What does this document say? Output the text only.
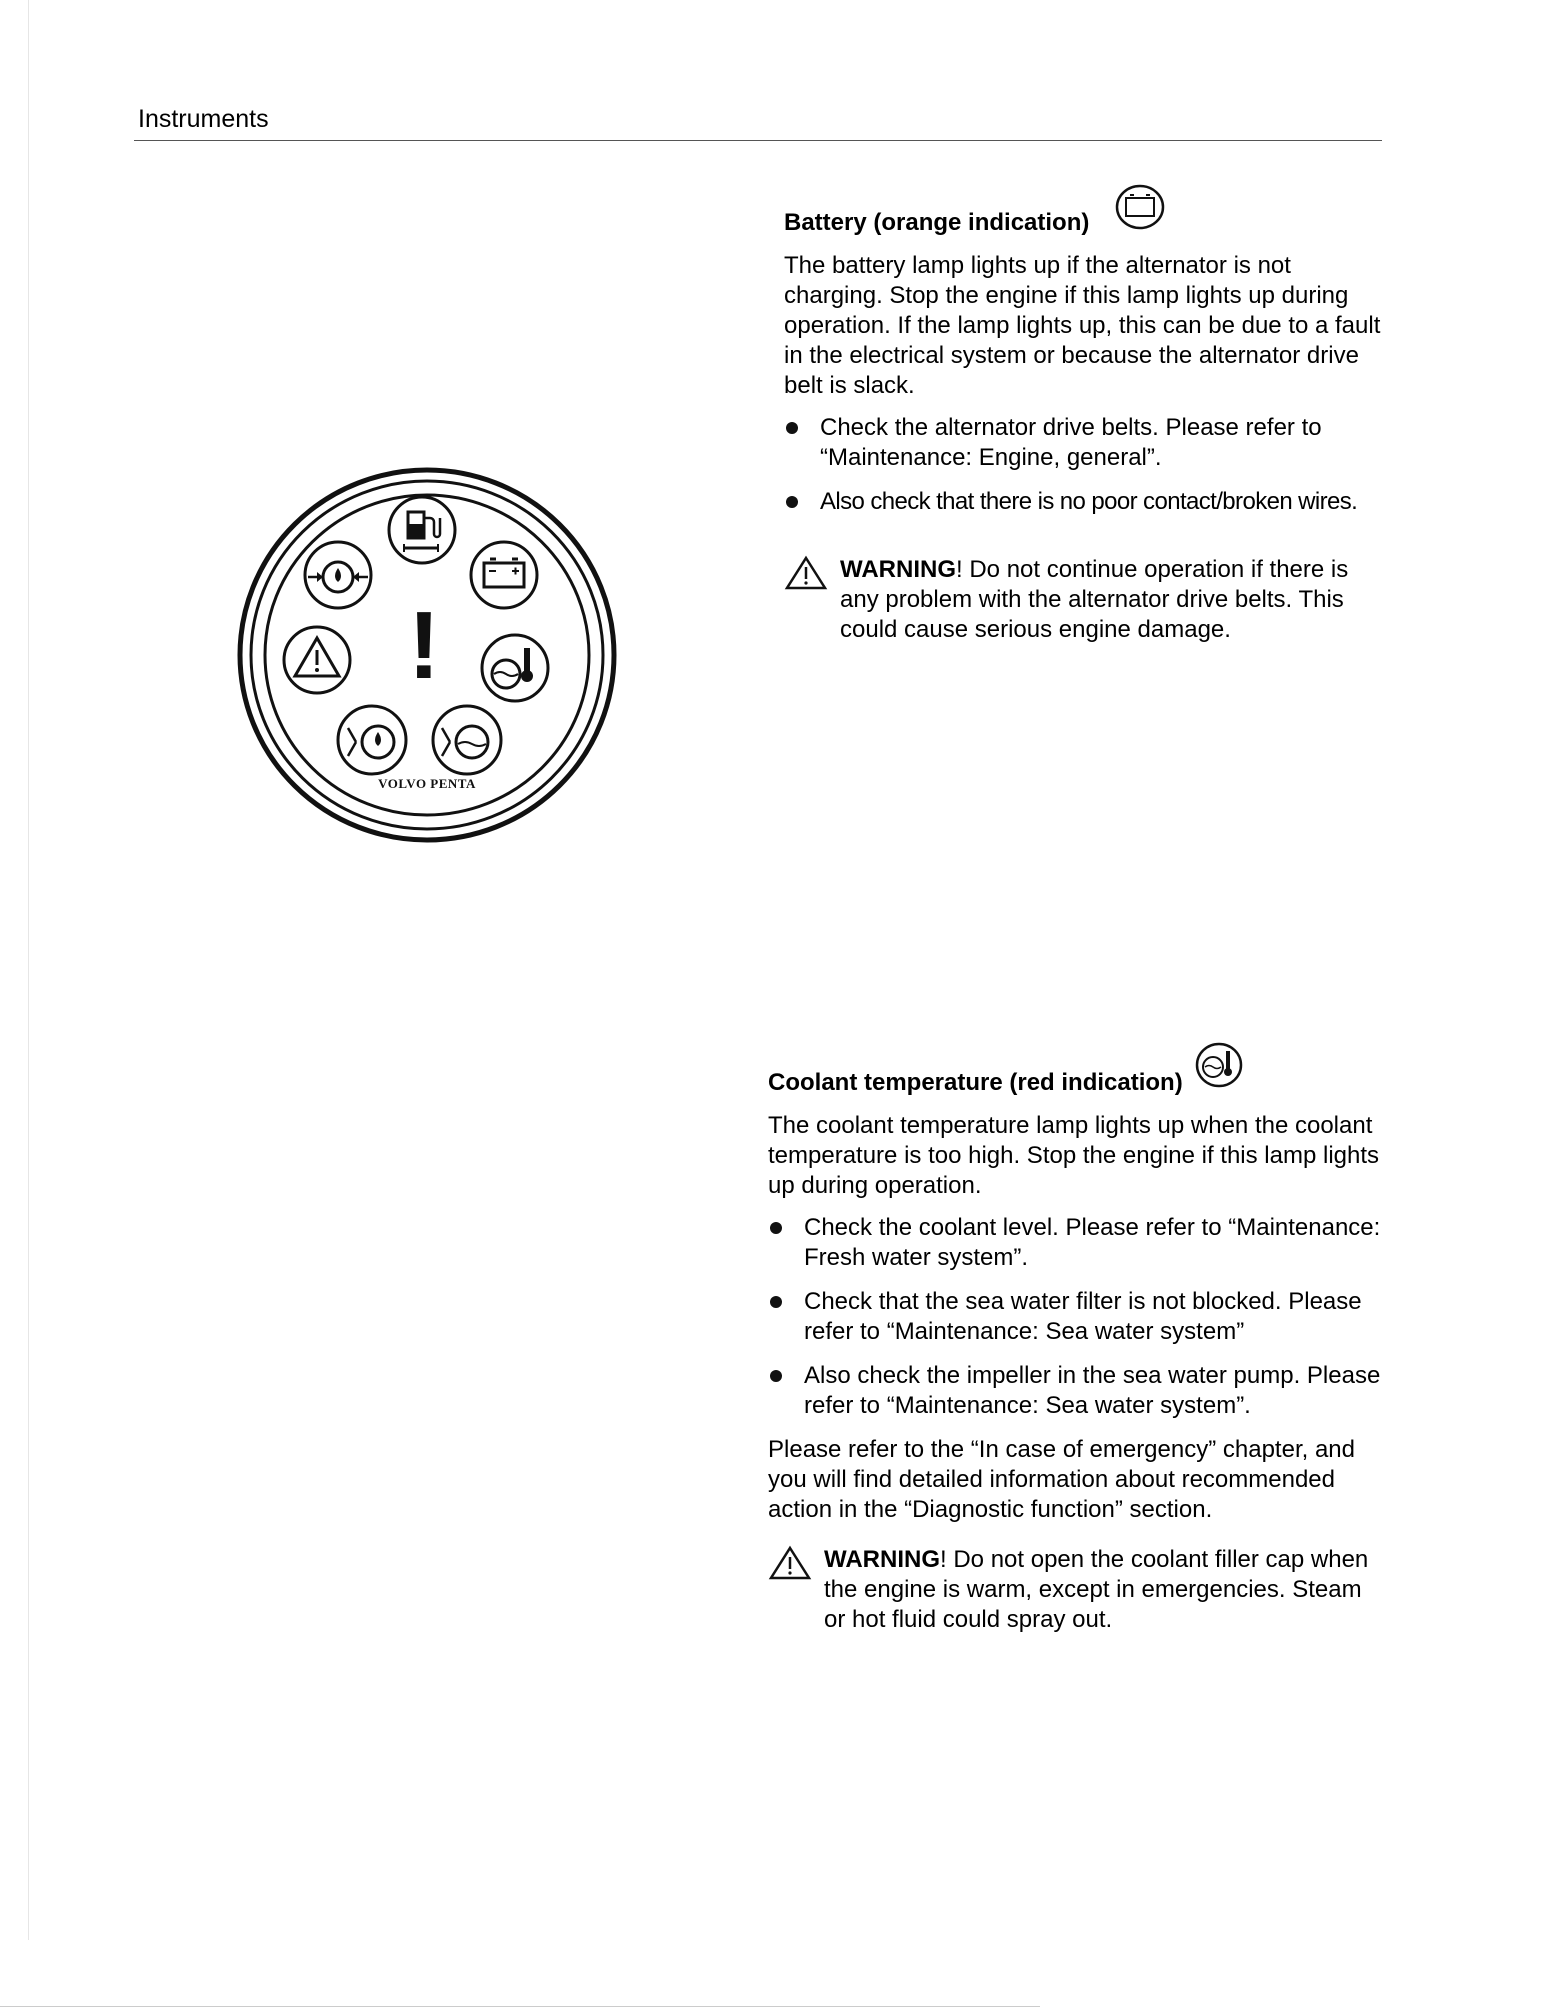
Instruments
!
VOLVO PENTA

Battery (orange indication)

The battery lamp lights up if the alternator is not charging. Stop the engine if this lamp lights up during operation. If the lamp lights up, this can be due to a fault in the electrical system or because the alternator drive belt is slack.

Check the alternator drive belts. Please refer to “Maintenance: Engine, general”.
Also check that there is no poor contact/broken wires.
WARNING! Do not continue operation if there is any problem with the alternator drive belts. This could cause serious engine damage.

Coolant temperature (red indication)

The coolant temperature lamp lights up when the coolant temperature is too high. Stop the engine if this lamp lights up during operation.

Check the coolant level. Please refer to “Maintenance: Fresh water system”.
Check that the sea water filter is not blocked. Please refer to “Maintenance: Sea water system”
Also check the impeller in the sea water pump. Please refer to “Maintenance: Sea water system”.

Please refer to the “In case of emergency” chapter, and you will find detailed information about recommended action in the “Diagnostic function” section.

WARNING! Do not open the coolant filler cap when the engine is warm, except in emergencies. Steam or hot fluid could spray out.
